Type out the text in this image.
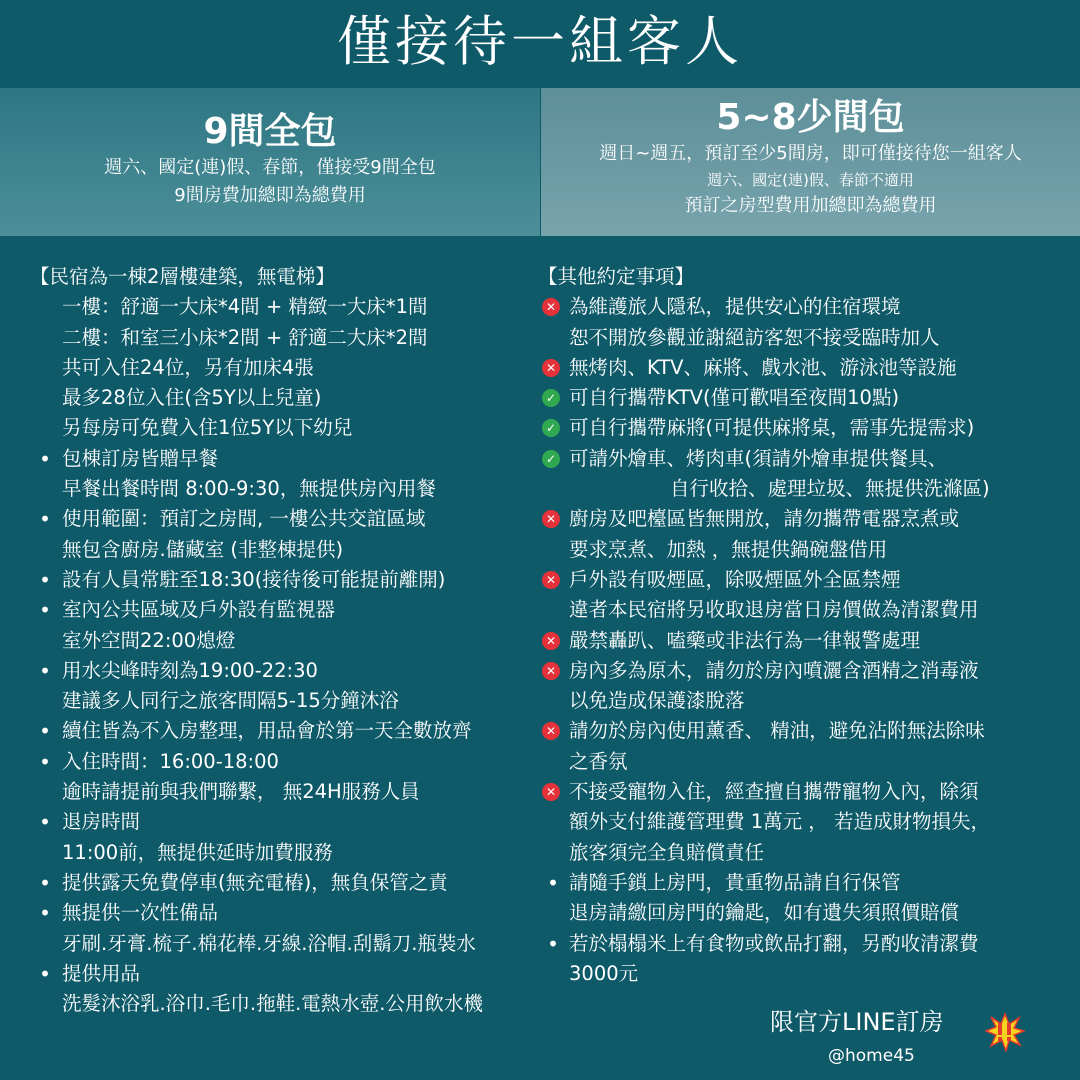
僅接待一組客人
9間全包
週六、國定(連)假、春節，僅接受9間全包
9間房費加總即為總費用
5~8少間包
週日~週五，預訂至少5間房，即可僅接待您一組客人
週六、國定(連)假、春節不適用
預訂之房型費用加總即為總費用
【民宿為一棟2層樓建築，無電梯】
一樓：舒適一大床*4間 + 精緻一大床*1間
二樓：和室三小床*2間 + 舒適二大床*2間
共可入住24位，另有加床4張
最多28位入住(含5Y以上兒童)
另每房可免費入住1位5Y以下幼兒
• 包棟訂房皆贈早餐
早餐出餐時間 8:00-9:30，無提供房內用餐
• 使用範圍：預訂之房間, 一樓公共交誼區域
無包含廚房.儲藏室 (非整棟提供)
• 設有人員常駐至18:30(接待後可能提前離開)
• 室內公共區域及戶外設有監視器
室外空間22:00熄燈
• 用水尖峰時刻為19:00-22:30
建議多人同行之旅客間隔5-15分鐘沐浴
• 續住皆為不入房整理，用品會於第一天全數放齊
• 入住時間：16:00-18:00
逾時請提前與我們聯繫， 無24H服務人員
• 退房時間
11:00前，無提供延時加費服務
• 提供露天免費停車(無充電樁)，無負保管之責
• 無提供一次性備品
牙刷.牙膏.梳子.棉花棒.牙線.浴帽.刮鬍刀.瓶裝水
• 提供用品
洗髮沐浴乳.浴巾.毛巾.拖鞋.電熱水壺.公用飲水機
【其他約定事項】
✕ 為維護旅人隱私，提供安心的住宿環境
恕不開放參觀並謝絕訪客恕不接受臨時加人
✕ 無烤肉、KTV、麻將、戲水池、游泳池等設施
✓ 可自行攜帶KTV(僅可歡唱至夜間10點)
✓ 可自行攜帶麻將(可提供麻將桌，需事先提需求)
✓ 可請外燴車、烤肉車(須請外燴車提供餐具、
自行收拾、處理垃圾、無提供洗滌區)
✕ 廚房及吧檯區皆無開放，請勿攜帶電器烹煮或
要求烹煮、加熱 ，無提供鍋碗盤借用
✕ 戶外設有吸煙區，除吸煙區外全區禁煙
違者本民宿將另收取退房當日房價做為清潔費用
✕ 嚴禁轟趴、嗑藥或非法行為一律報警處理
✕ 房內多為原木，請勿於房內噴灑含酒精之消毒液
以免造成保護漆脫落
✕ 請勿於房內使用薰香、 精油，避免沾附無法除味
之香氛
✕ 不接受寵物入住，經查擅自攜帶寵物入內，除須
額外支付維護管理費 1萬元 ， 若造成財物損失，
旅客須完全負賠償責任
• 請隨手鎖上房門，貴重物品請自行保管
退房請繳回房門的鑰匙，如有遺失須照價賠償
• 若於榻榻米上有食物或飲品打翻，另酌收清潔費
3000元
限官方LINE訂房
@home45
